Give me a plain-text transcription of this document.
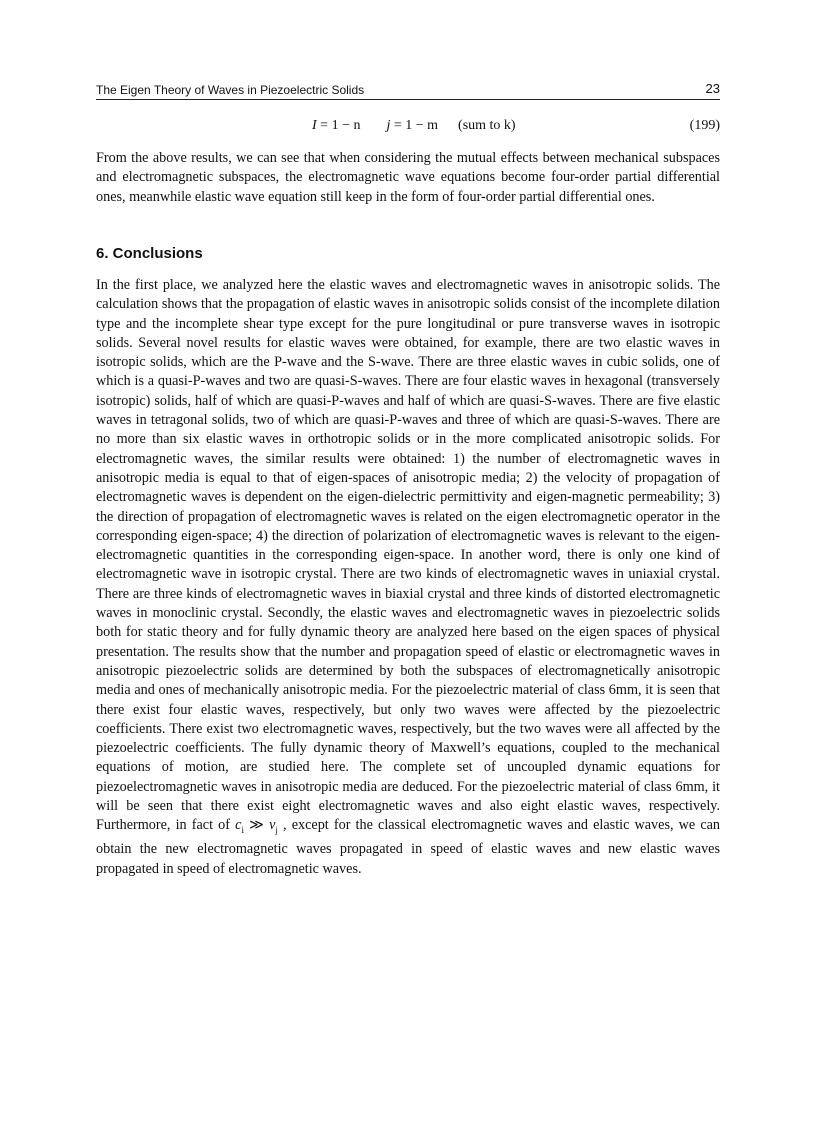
The Eigen Theory of Waves in Piezoelectric Solids	23
I = 1 − n j = 1 − m (sum to k)	(199)

From the above results, we can see that when considering the mutual effects between mechanical subspaces and electromagnetic subspaces, the electromagnetic wave equations become four-order partial differential ones, meanwhile elastic wave equation still keep in the form of four-order partial differential ones.

6. Conclusions

In the first place, we analyzed here the elastic waves and electromagnetic waves in anisotropic solids. The calculation shows that the propagation of elastic waves in anisotropic solids consist of the incomplete dilation type and the incomplete shear type except for the pure longitudinal or pure transverse waves in isotropic solids. Several novel results for elastic waves were obtained, for example, there are two elastic waves in isotropic solids, which are the P-wave and the S-wave. There are three elastic waves in cubic solids, one of which is a quasi-P-waves and two are quasi-S-waves. There are four elastic waves in hexagonal (transversely isotropic) solids, half of which are quasi-P-waves and half of which are quasi-S-waves. There are five elastic waves in tetragonal solids, two of which are quasi-P-waves and three of which are quasi-S-waves. There are no more than six elastic waves in orthotropic solids or in the more complicated anisotropic solids. For electromagnetic waves, the similar results were obtained: 1) the number of electromagnetic waves in anisotropic media is equal to that of eigen-spaces of anisotropic media; 2) the velocity of propagation of electromagnetic waves is dependent on the eigen-dielectric permittivity and eigen-magnetic permeability; 3) the direction of propagation of electromagnetic waves is related on the eigen electromagnetic operator in the corresponding eigen-space; 4) the direction of polarization of electromagnetic waves is relevant to the eigen-electromagnetic quantities in the corresponding eigen-space. In another word, there is only one kind of electromagnetic wave in isotropic crystal. There are two kinds of electromagnetic waves in uniaxial crystal. There are three kinds of electromagnetic waves in biaxial crystal and three kinds of distorted electromagnetic waves in monoclinic crystal. Secondly, the elastic waves and electromagnetic waves in piezoelectric solids both for static theory and for fully dynamic theory are analyzed here based on the eigen spaces of physical presentation. The results show that the number and propagation speed of elastic or electromagnetic waves in anisotropic piezoelectric solids are determined by both the subspaces of electromagnetically anisotropic media and ones of mechanically anisotropic media. For the piezoelectric material of class 6mm, it is seen that there exist four elastic waves, respectively, but only two waves were affected by the piezoelectric coefficients. There exist two electromagnetic waves, respectively, but the two waves were all affected by the piezoelectric coefficients. The fully dynamic theory of Maxwell’s equations, coupled to the mechanical equations of motion, are studied here. The complete set of uncoupled dynamic equations for piezoelectromagnetic waves in anisotropic media are deduced. For the piezoelectric material of class 6mm, it will be seen that there exist eight electromagnetic waves and also eight elastic waves, respectively. Furthermore, in fact of $c_i$ ≫ $v_j$ , except for the classical electromagnetic waves and elastic waves, we can obtain the new electromagnetic waves propagated in speed of elastic waves and new elastic waves propagated in speed of electromagnetic waves.
